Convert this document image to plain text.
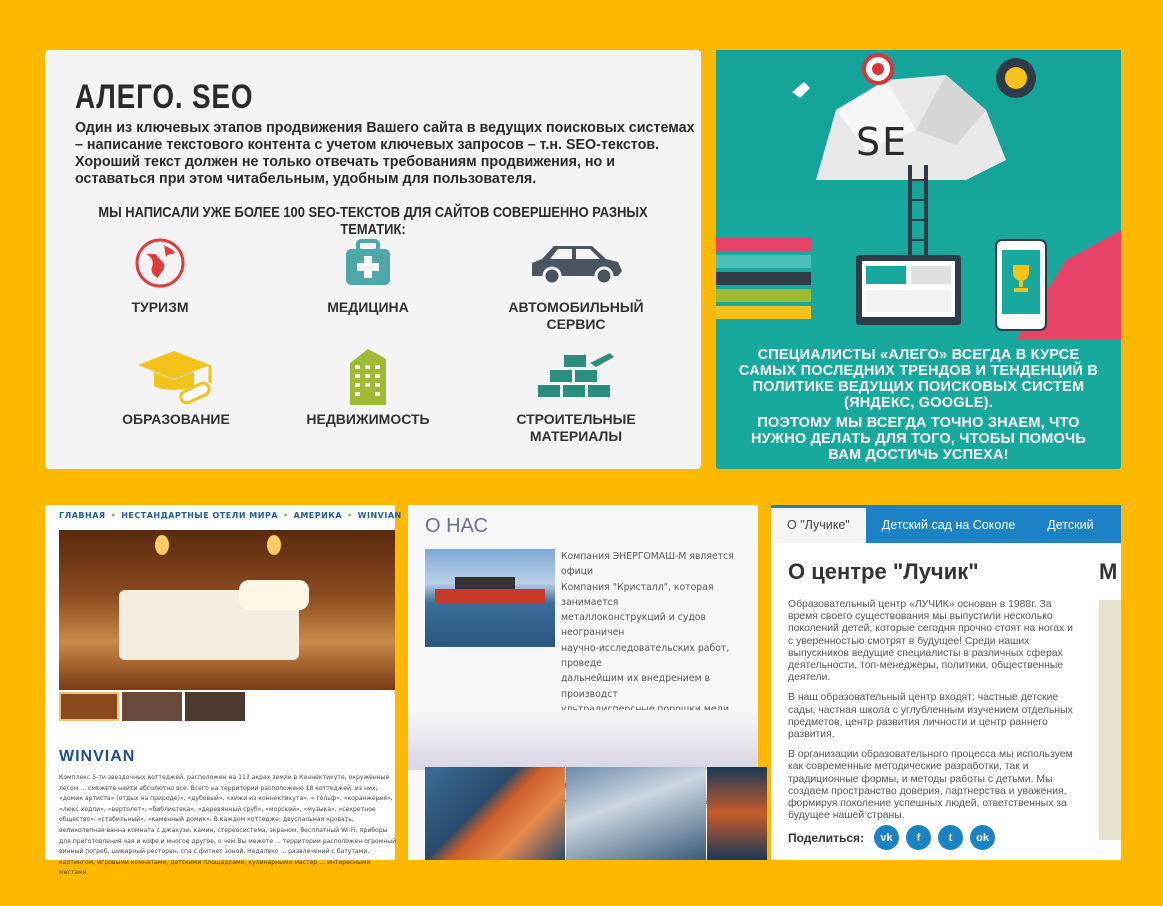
АЛЕГО. SEO
Один из ключевых этапов продвижения Вашего сайта в ведущих поисковых системах – написание текстового контента с учетом ключевых запросов – т.н. SEO-текстов. Хороший текст должен не только отвечать требованиям продвижения, но и оставаться при этом читабельным, удобным для пользователя.
МЫ НАПИСАЛИ УЖЕ БОЛЕЕ 100 SEO-ТЕКСТОВ ДЛЯ САЙТОВ СОВЕРШЕННО РАЗНЫХ ТЕМАТИК:
ТУРИЗМ	МЕДИЦИНА	АВТОМОБИЛЬНЫЙ СЕРВИС
ОБРАЗОВАНИЕ	НЕДВИЖИМОСТЬ	СТРОИТЕЛЬНЫЕ МАТЕРИАЛЫ
SE
СПЕЦИАЛИСТЫ «АЛЕГО» ВСЕГДА В КУРСЕ САМЫХ ПОСЛЕДНИХ ТРЕНДОВ И ТЕНДЕНЦИЙ В ПОЛИТИКЕ ВЕДУЩИХ ПОИСКОВЫХ СИСТЕМ (ЯНДЕКС, GOOGLE).
ПОЭТОМУ МЫ ВСЕГДА ТОЧНО ЗНАЕМ, ЧТО НУЖНО ДЕЛАТЬ ДЛЯ ТОГО, ЧТОБЫ ПОМОЧЬ ВАМ ДОСТИЧЬ УСПЕХА!
ГЛАВНАЯ • НЕСТАНДАРТНЫЕ ОТЕЛИ МИРА • АМЕРИКА • WINVIAN
WINVIAN
Комплекс 5-ти звездочных коттеджей, расположен на 113 акрах земли в Коннектикуте, окруженные лесом ... сможете найти абсолютно все. Всего на территории расположено 18 коттеджей, из них: «домик артиста» (отдых на природе)», «дубовый», «хижи из коннектикута», « гольф», «коранжерея», «люкс хедли», «вертолет», «библиотека», «деревянный сруб», «морской», «музыка», «секретное общество», «стабильный», «каменный домик». В каждом коттедже: двуспальная кровать, великолепная ванна комната с джакузи, камин, стереосистема, экраном, бесплатный Wi-Fi, приборы для приготовления чая и кофе и многое другое, о чем Вы можете ... территории расположен огромный винный погреб, шикарный ресторан, спа с фитнес зоной. Недалеко ... развлечений с батутами, картингом, игровыми комнатами, детскими площадками, кулинарными мастер ... интересными местами.
О НАС
Компания ЭНЕРГОМАШ-М является офици
Компания "Кристалл", которая занимается
металлоконструкций и судов неограничен
научно-исследовательских работ, проведе
дальнейшим их внедрением в производст
О "Лучике"	Детский сад на Соколе	Детский
О центре "Лучик"	М

Образовательный центр «ЛУЧИК» основан в 1988г. За время своего существования мы выпустили несколько поколений детей, которые сегодня прочно стоят на ногах и с уверенностью смотрят в будущее! Среди наших выпускников ведущие специалисты в различных сферах деятельности, топ-менеджеры, политики, общественные деятели.

В наш образовательный центр входят: частные детские сады, частная школа с углубленным изучением отдельных предметов, центр развития личности и центр раннего развития.

В организации образовательного процесса мы используем как современные методические разработки, так и традиционные формы, и методы работы с детьми. Мы создаем пространство доверия, партнерства и уважения, формируя поколение успешных людей, ответственных за будущее нашей страны.

Поделиться:	vk	f	t	ok
